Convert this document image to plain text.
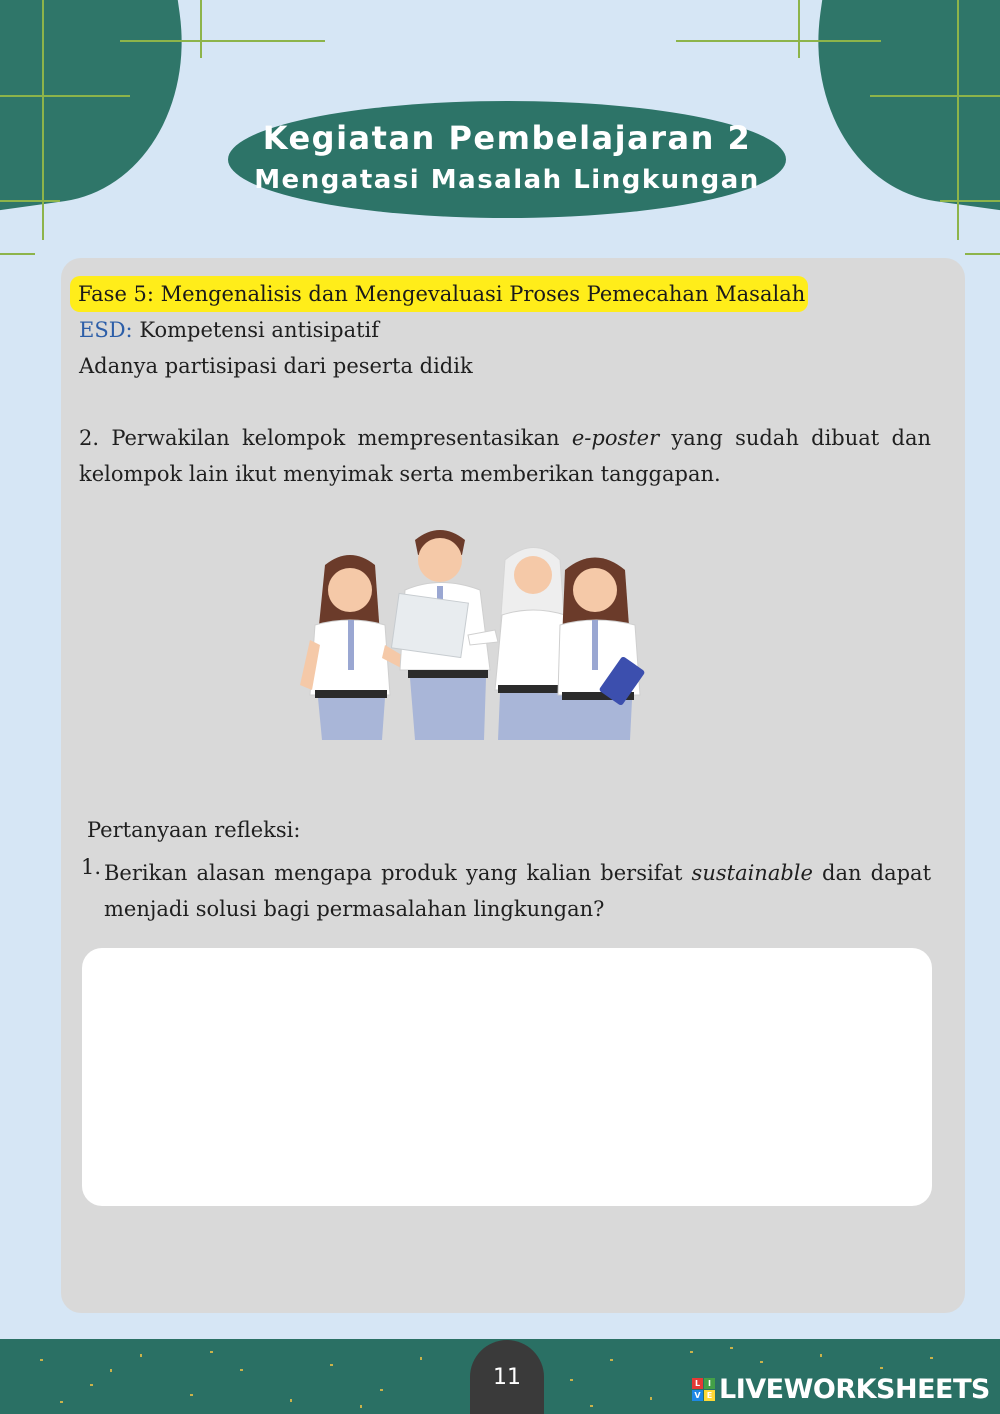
Kegiatan Pembelajaran 2
Mengatasi Masalah Lingkungan
Fase 5: Mengenalisis dan Mengevaluasi Proses Pemecahan Masalah
ESD: Kompetensi antisipatif
Adanya partisipasi dari peserta didik
2. Perwakilan kelompok mempresentasikan e-poster yang sudah dibuat dan kelompok lain ikut menyimak serta memberikan tanggapan.
Pertanyaan refleksi:
1. Berikan alasan mengapa produk yang kalian bersifat sustainable dan dapat menjadi solusi bagi permasalahan lingkungan?
11	L I
V E LIVEWORKSHEETS
